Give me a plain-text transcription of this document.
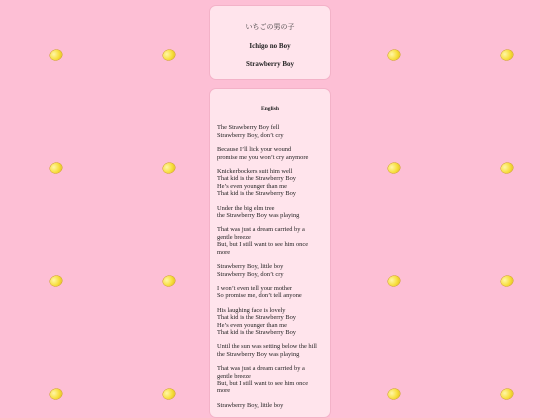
いちごの男の子
Ichigo no Boy
Strawberry Boy
English
The Strawberry Boy fell
Strawberry Boy, don’t cry
Because I’ll lick your wound
promise me you won’t cry anymore
Knickerbockers suit him well
That kid is the Strawberry Boy
He’s even younger than me
That kid is the Strawberry Boy
Under the big elm tree
the Strawberry Boy was playing
That was just a dream carried by a
gentle breeze
But, but I still want to see him once
more
Strawberry Boy, little boy
Strawberry Boy, don’t cry
I won’t even tell your mother
So promise me, don’t tell anyone
His laughing face is lovely
That kid is the Strawberry Boy
He’s even younger than me
That kid is the Strawberry Boy
Until the sun was setting below the hill
the Strawberry Boy was playing
That was just a dream carried by a
gentle breeze
But, but I still want to see him once
more
Strawberry Boy, little boy
